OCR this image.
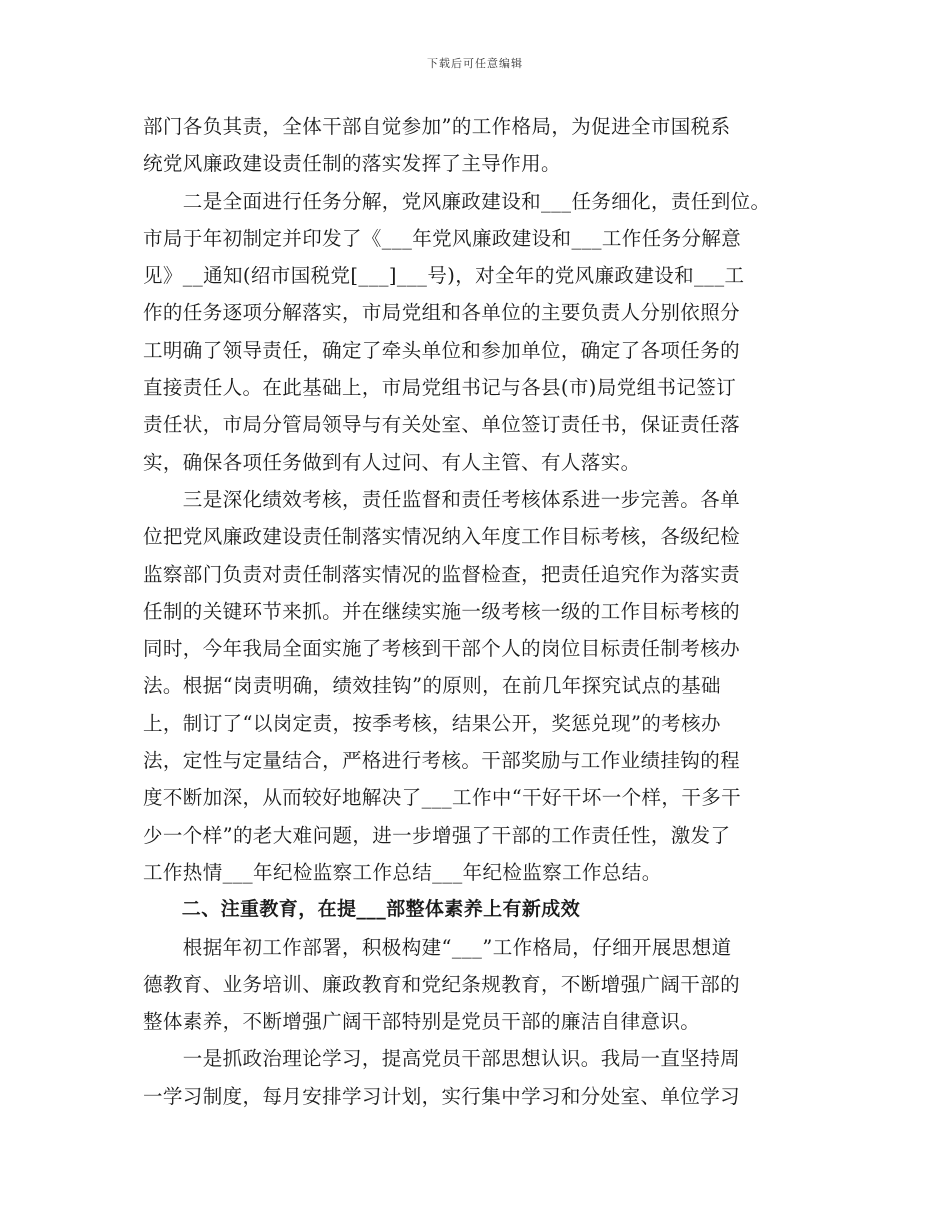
下载后可任意编辑
部门各负其责，全体干部自觉参加”的工作格局，为促进全市国税系
统党风廉政建设责任制的落实发挥了主导作用。
　　二是全面进行任务分解，党风廉政建设和___任务细化，责任到位。
市局于年初制定并印发了《___年党风廉政建设和___工作任务分解意
见》__通知(绍市国税党[___]___号)，对全年的党风廉政建设和___工
作的任务逐项分解落实，市局党组和各单位的主要负责人分别依照分
工明确了领导责任，确定了牵头单位和参加单位，确定了各项任务的
直接责任人。在此基础上，市局党组书记与各县(市)局党组书记签订
责任状，市局分管局领导与有关处室、单位签订责任书，保证责任落
实，确保各项任务做到有人过问、有人主管、有人落实。
　　三是深化绩效考核，责任监督和责任考核体系进一步完善。各单
位把党风廉政建设责任制落实情况纳入年度工作目标考核，各级纪检
监察部门负责对责任制落实情况的监督检查，把责任追究作为落实责
任制的关键环节来抓。并在继续实施一级考核一级的工作目标考核的
同时，今年我局全面实施了考核到干部个人的岗位目标责任制考核办
法。根据“岗责明确，绩效挂钩”的原则，在前几年探究试点的基础
上，制订了“以岗定责，按季考核，结果公开，奖惩兑现”的考核办
法，定性与定量结合，严格进行考核。干部奖励与工作业绩挂钩的程
度不断加深，从而较好地解决了___工作中“干好干坏一个样，干多干
少一个样”的老大难问题，进一步增强了干部的工作责任性，激发了
工作热情___年纪检监察工作总结___年纪检监察工作总结。
　　二、注重教育，在提___部整体素养上有新成效
　　根据年初工作部署，积极构建“___”工作格局，仔细开展思想道
德教育、业务培训、廉政教育和党纪条规教育，不断增强广阔干部的
整体素养，不断增强广阔干部特别是党员干部的廉洁自律意识。
　　一是抓政治理论学习，提高党员干部思想认识。我局一直坚持周
一学习制度，每月安排学习计划，实行集中学习和分处室、单位学习
